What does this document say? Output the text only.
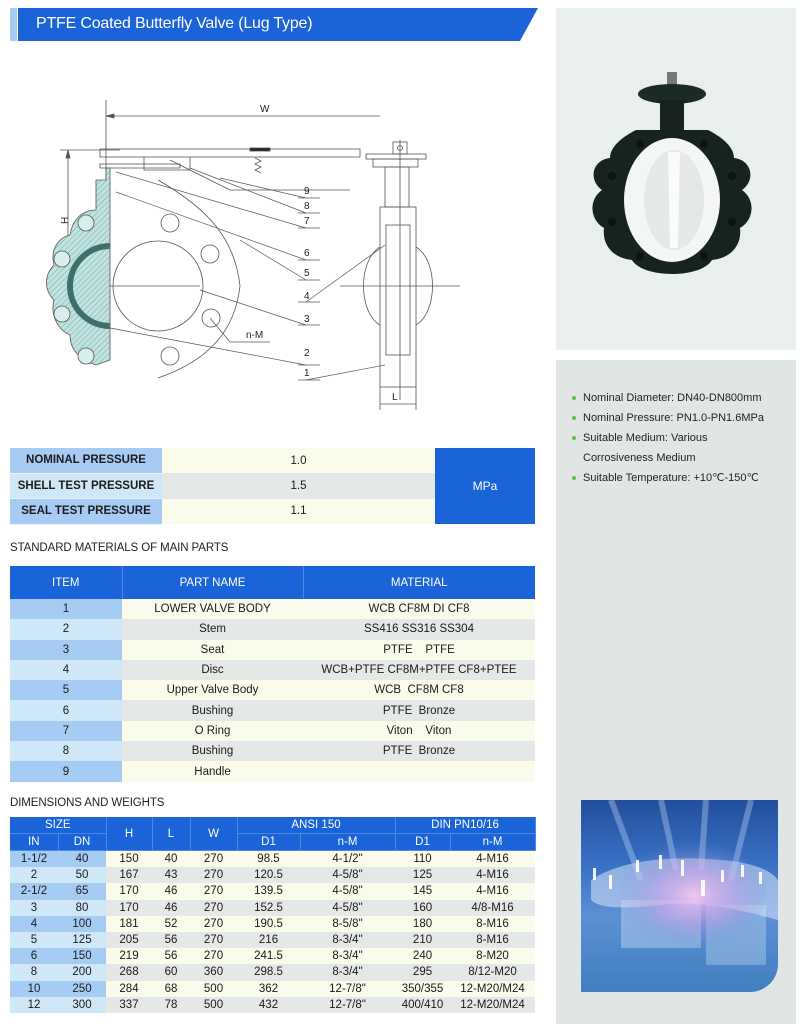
PTFE Coated Butterfly Valve (Lug Type)
W
H
L
n-M
9
8
7
6
5
4
3
2
1
Nominal Diameter: DN40-DN800mm
Nominal Pressure: PN1.0-PN1.6MPa
Suitable Medium: Various
Corrosiveness Medium
Suitable Temperature: +10℃-150℃
NOMINAL PRESSURE	1.0	MPa
SHELL TEST PRESSURE	1.5	
SEAL TEST PRESSURE	1.1	
STANDARD MATERIALS OF MAIN PARTS
ITEM	PART NAME	MATERIAL
1	LOWER VALVE BODY	WCB CF8M DI CF8
2	Stem	SS416 SS316 SS304
3	Seat	PTFE    PTFE
4	Disc	WCB+PTFE CF8M+PTFE CF8+PTEE
5	Upper Valve Body	WCB  CF8M CF8
6	Bushing	PTFE  Bronze
7	O Ring	Viton    Viton
8	Bushing	PTFE  Bronze
9	Handle	
DIMENSIONS AND WEIGHTS
SIZE		H	L	W	ANSI 150		DIN PN10/16	
IN	DN				D1	n-M	D1	n-M
1-1/2	40	150	40	270	98.5	4-1/2"	110	4-M16
2	50	167	43	270	120.5	4-5/8"	125	4-M16
2-1/2	65	170	46	270	139.5	4-5/8"	145	4-M16
3	80	170	46	270	152.5	4-5/8"	160	4/8-M16
4	100	181	52	270	190.5	8-5/8"	180	8-M16
5	125	205	56	270	216	8-3/4"	210	8-M16
6	150	219	56	270	241.5	8-3/4"	240	8-M20
8	200	268	60	360	298.5	8-3/4"	295	8/12-M20
10	250	284	68	500	362	12-7/8"	350/355	12-M20/M24
12	300	337	78	500	432	12-7/8"	400/410	12-M20/M24
